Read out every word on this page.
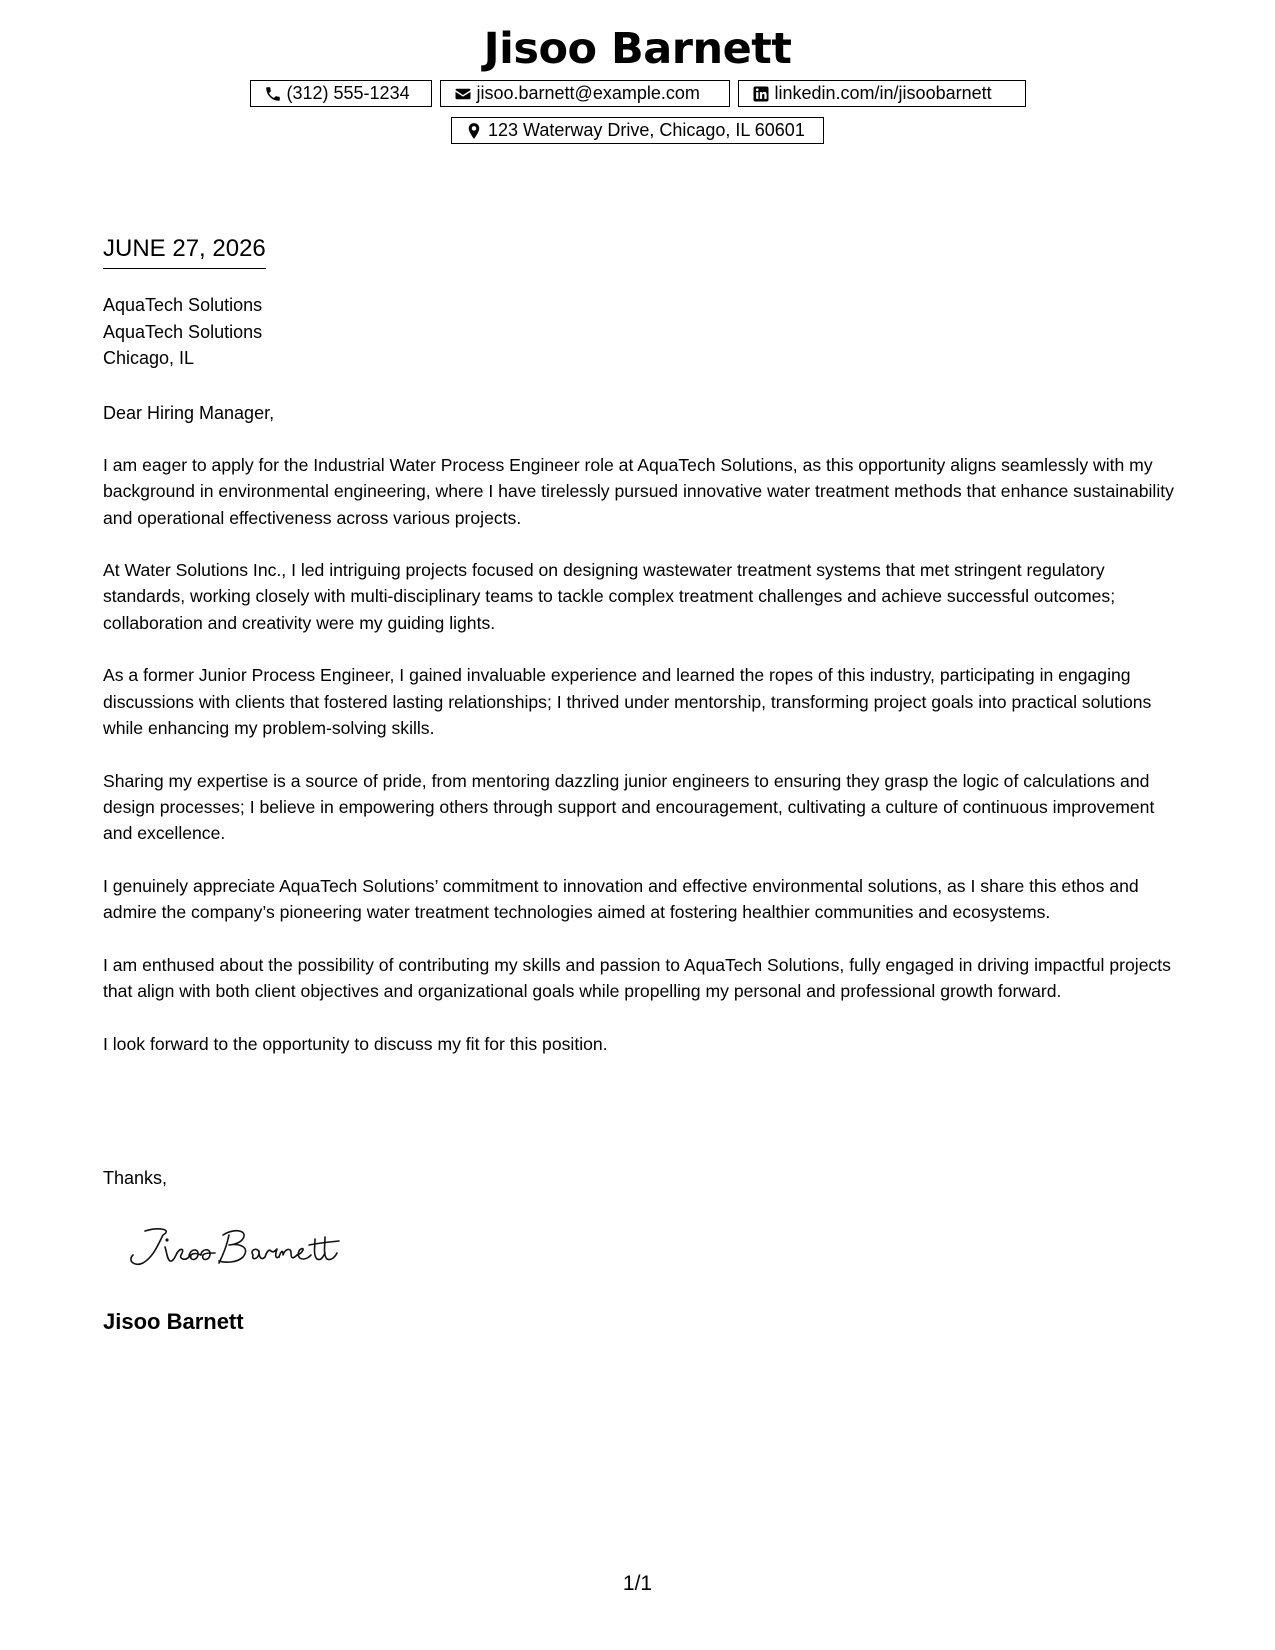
Jisoo Barnett
(312) 555-1234	jisoo.barnett@example.com	linkedin.com/in/jisoobarnett
123 Waterway Drive, Chicago, IL 60601
JUNE 27, 2026
AquaTech Solutions
AquaTech Solutions
Chicago, IL
Dear Hiring Manager,

I am eager to apply for the Industrial Water Process Engineer role at AquaTech Solutions, as this opportunity aligns seamlessly with my background in environmental engineering, where I have tirelessly pursued innovative water treatment methods that enhance sustainability and operational effectiveness across various projects.

At Water Solutions Inc., I led intriguing projects focused on designing wastewater treatment systems that met stringent regulatory standards, working closely with multi-disciplinary teams to tackle complex treatment challenges and achieve successful outcomes; collaboration and creativity were my guiding lights.

As a former Junior Process Engineer, I gained invaluable experience and learned the ropes of this industry, participating in engaging discussions with clients that fostered lasting relationships; I thrived under mentorship, transforming project goals into practical solutions while enhancing my problem-solving skills.

Sharing my expertise is a source of pride, from mentoring dazzling junior engineers to ensuring they grasp the logic of calculations and design processes; I believe in empowering others through support and encouragement, cultivating a culture of continuous improvement and excellence.

I genuinely appreciate AquaTech Solutions’ commitment to innovation and effective environmental solutions, as I share this ethos and admire the company’s pioneering water treatment technologies aimed at fostering healthier communities and ecosystems.

I am enthused about the possibility of contributing my skills and passion to AquaTech Solutions, fully engaged in driving impactful projects that align with both client objectives and organizational goals while propelling my personal and professional growth forward.

I look forward to the opportunity to discuss my fit for this position.

Thanks,
Jisoo Barnett
1/1
